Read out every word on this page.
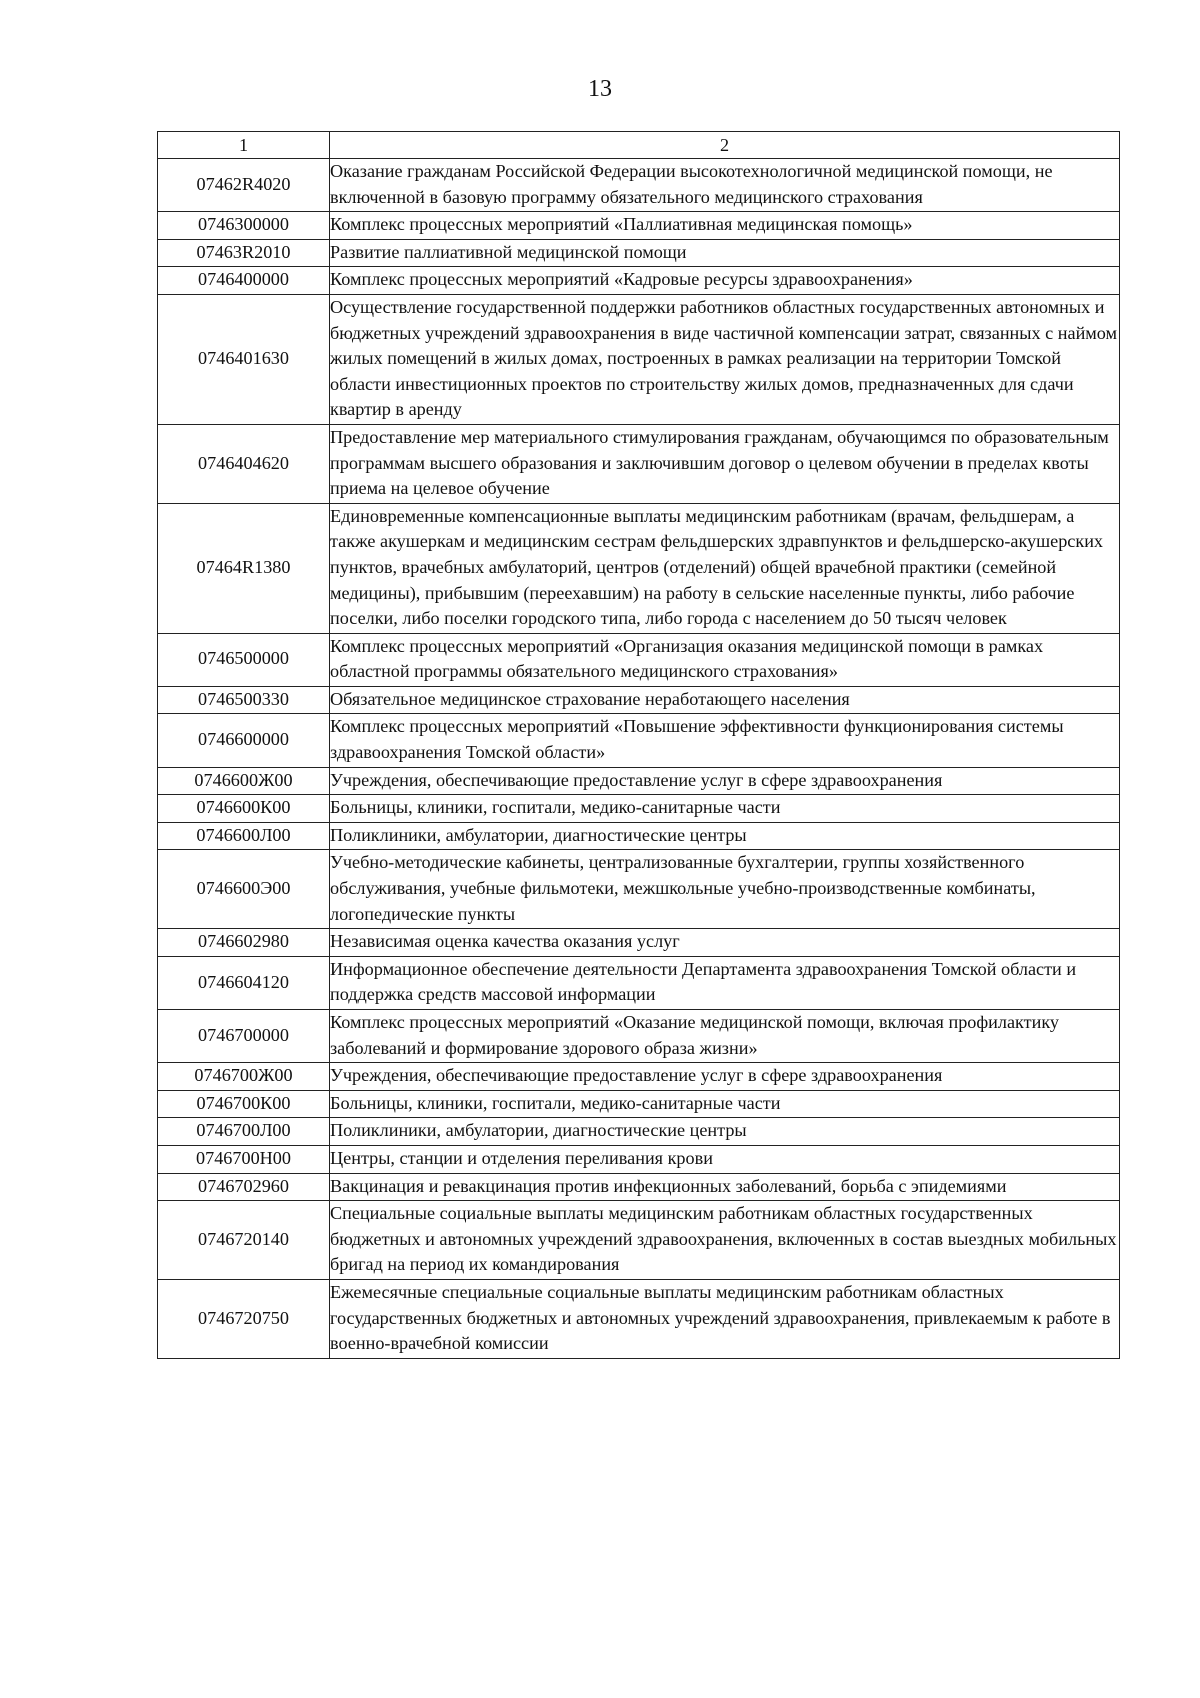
13
1	2
07462R4020	Оказание гражданам Российской Федерации высокотехнологичной медицинской помощи, не включенной в базовую программу обязательного медицинского страхования
0746300000	Комплекс процессных мероприятий «Паллиативная медицинская помощь»
07463R2010	Развитие паллиативной медицинской помощи
0746400000	Комплекс процессных мероприятий «Кадровые ресурсы здравоохранения»
0746401630	Осуществление государственной поддержки работников областных государственных автономных и бюджетных учреждений здравоохранения в виде частичной компенсации затрат, связанных с наймом жилых помещений в жилых домах, построенных в рамках реализации на территории Томской области инвестиционных проектов по строительству жилых домов, предназначенных для сдачи квартир в аренду
0746404620	Предоставление мер материального стимулирования гражданам, обучающимся по образовательным программам высшего образования и заключившим договор о целевом обучении в пределах квоты приема на целевое обучение
07464R1380	Единовременные компенсационные выплаты медицинским работникам (врачам, фельдшерам, а также акушеркам и медицинским сестрам фельдшерских здравпунктов и фельдшерско-акушерских пунктов, врачебных амбулаторий, центров (отделений) общей врачебной практики (семейной медицины), прибывшим (переехавшим) на работу в сельские населенные пункты, либо рабочие поселки, либо поселки городского типа, либо города с населением до 50 тысяч человек
0746500000	Комплекс процессных мероприятий «Организация оказания медицинской помощи в рамках областной программы обязательного медицинского страхования»
0746500330	Обязательное медицинское страхование неработающего населения
0746600000	Комплекс процессных мероприятий «Повышение эффективности функционирования системы здравоохранения Томской области»
0746600Ж00	Учреждения, обеспечивающие предоставление услуг в сфере здравоохранения
0746600К00	Больницы, клиники, госпитали, медико-санитарные части
0746600Л00	Поликлиники, амбулатории, диагностические центры
0746600Э00	Учебно-методические кабинеты, централизованные бухгалтерии, группы хозяйственного обслуживания, учебные фильмотеки, межшкольные учебно-производственные комбинаты, логопедические пункты
0746602980	Независимая оценка качества оказания услуг
0746604120	Информационное обеспечение деятельности Департамента здравоохранения Томской области и поддержка средств массовой информации
0746700000	Комплекс процессных мероприятий «Оказание медицинской помощи, включая профилактику заболеваний и формирование здорового образа жизни»
0746700Ж00	Учреждения, обеспечивающие предоставление услуг в сфере здравоохранения
0746700К00	Больницы, клиники, госпитали, медико-санитарные части
0746700Л00	Поликлиники, амбулатории, диагностические центры
0746700Н00	Центры, станции и отделения переливания крови
0746702960	Вакцинация и ревакцинация против инфекционных заболеваний, борьба с эпидемиями
0746720140	Специальные социальные выплаты медицинским работникам областных государственных бюджетных и автономных учреждений здравоохранения, включенных в состав выездных мобильных бригад на период их командирования
0746720750	Ежемесячные специальные социальные выплаты медицинским работникам областных государственных бюджетных и автономных учреждений здравоохранения, привлекаемым к работе в военно-врачебной комиссии
